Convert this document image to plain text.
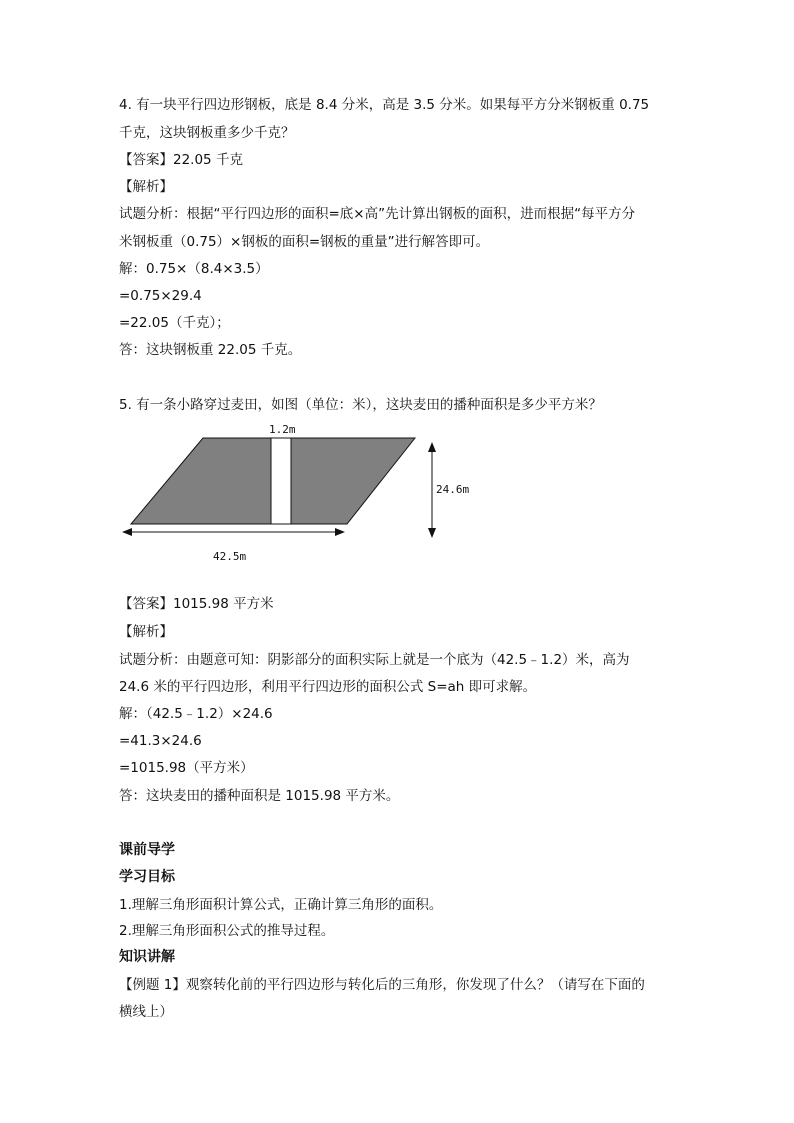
4. 有一块平行四边形钢板，底是 8.4 分米，高是 3.5 分米。如果每平方分米钢板重 0.75
千克，这块钢板重多少千克？
【答案】22.05 千克
【解析】
试题分析：根据“平行四边形的面积=底×高”先计算出钢板的面积，进而根据“每平方分
米钢板重（0.75）×钢板的面积=钢板的重量”进行解答即可。
解：0.75×（8.4×3.5）
=0.75×29.4
=22.05（千克）；
答：这块钢板重 22.05 千克。
5. 有一条小路穿过麦田，如图（单位：米），这块麦田的播种面积是多少平方米？
1.2m
24.6m
42.5m
【答案】1015.98 平方米
【解析】
试题分析：由题意可知：阴影部分的面积实际上就是一个底为（42.5﹣1.2）米，高为
24.6 米的平行四边形，利用平行四边形的面积公式 S=ah 即可求解。
解：（42.5﹣1.2）×24.6
=41.3×24.6
=1015.98（平方米）
答：这块麦田的播种面积是 1015.98 平方米。
课前导学
学习目标
1.理解三角形面积计算公式，正确计算三角形的面积。
2.理解三角形面积公式的推导过程。
知识讲解
【例题 1】观察转化前的平行四边形与转化后的三角形，你发现了什么？（请写在下面的
横线上）
